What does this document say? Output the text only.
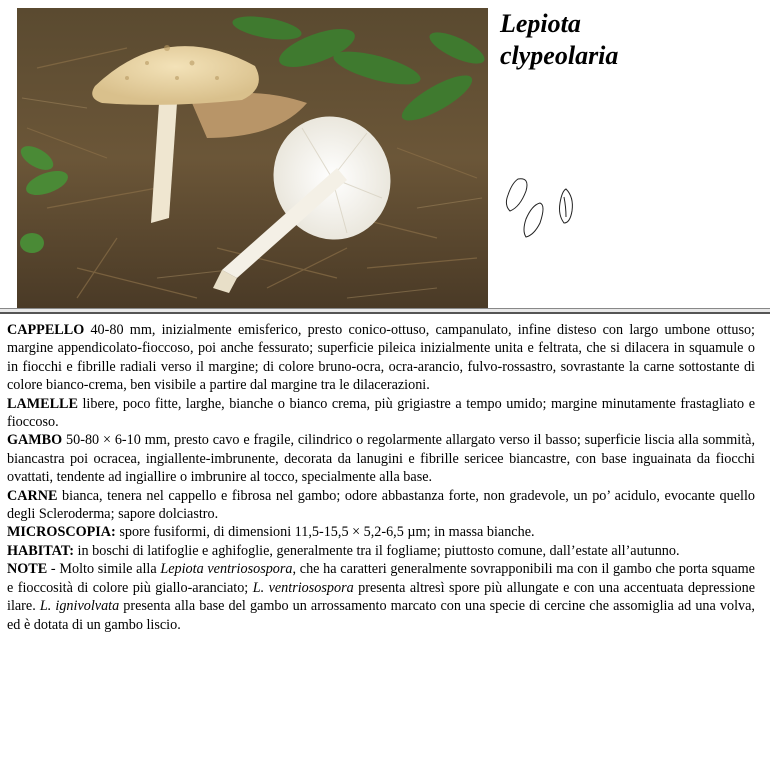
Lepiota
clypeolaria

CAPPELLO 40-80 mm, inizialmente emisferico, presto conico-ottuso, campanulato, infine disteso con largo umbone ottuso; margine appendicolato-fioccoso, poi anche fessurato; superficie pileica inizialmente unita e feltrata, che si dilacera in squamule o in fiocchi e fibrille radiali verso il margine; di colore bruno-ocra, ocra-arancio, fulvo-rossastro, sovrastante la carne sottostante di colore bianco-crema, ben visibile a partire dal margine tra le dilacerazioni.

LAMELLE libere, poco fitte, larghe, bianche o bianco crema, più grigiastre a tempo umido; margine minutamente frastagliato e fioccoso.

GAMBO 50-80 × 6-10 mm, presto cavo e fragile, cilindrico o regolarmente allargato verso il basso; superficie liscia alla sommità, biancastra poi ocracea, ingiallente-imbrunente, decorata da lanugini e fibrille sericee biancastre, con base inguainata da fiocchi ovattati, tendente ad ingiallire o imbrunire al tocco, specialmente alla base.

CARNE bianca, tenera nel cappello e fibrosa nel gambo; odore abbastanza forte, non gradevole, un po’ acidulo, evocante quello degli Scleroderma; sapore dolciastro.

MICROSCOPIA: spore fusiformi, di dimensioni 11,5-15,5 × 5,2-6,5 µm; in massa bianche.

HABITAT: in boschi di latifoglie e aghifoglie, generalmente tra il fogliame; piuttosto comune, dall’estate all’autunno.

NOTE - Molto simile alla Lepiota ventriosospora, che ha caratteri generalmente sovrapponibili ma con il gambo che porta squame e fioccosità di colore più giallo-aranciato; L. ventriosospora presenta altresì spore più allungate e con una accentuata depressione ilare. L. ignivolvata presenta alla base del gambo un arrossamento marcato con una specie di cercine che assomiglia ad una volva, ed è dotata di un gambo liscio.
